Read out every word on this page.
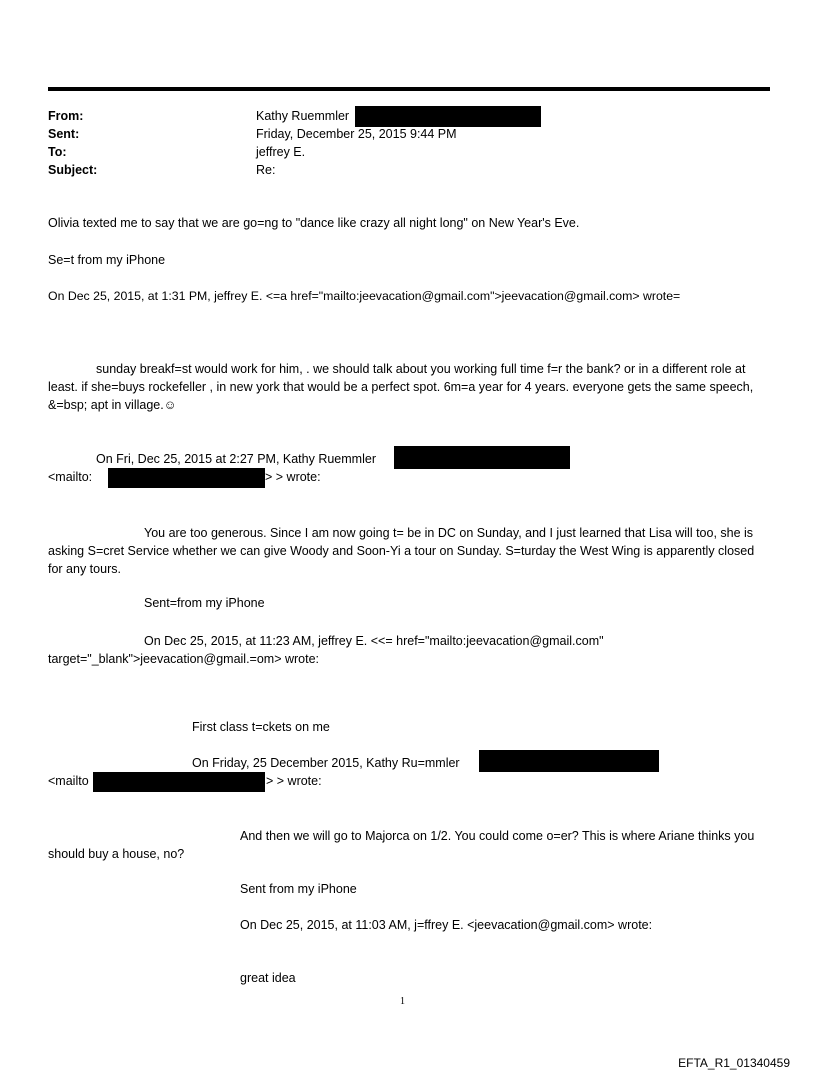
From:	Kathy Ruemmler
Sent:	Friday, December 25, 2015 9:44 PM
To:	jeffrey E.
Subject:	Re:
Olivia texted me to say that we are go=ng to "dance like crazy all night long" on New Year's Eve.
Se=t from my iPhone
On Dec 25, 2015, at 1:31 PM, jeffrey E. <=a href="mailto:jeevacation@gmail.com">jeevacation@gmail.com> wrote=
sunday breakf=st would work for him, . we should talk about you working full time f=r the bank? or in a different role at least. if she=buys rockefeller , in new york that would be a perfect spot. 6m=a year for 4 years. everyone gets the same speech, &=bsp; apt in village.☺
On Fri, Dec 25, 2015 at 2:27 PM, Kathy Ruemmler
<mailto:	> > wrote:
You are too generous. Since I am now going t= be in DC on Sunday, and I just learned that Lisa will too, she is asking S=cret Service whether we can give Woody and Soon-Yi a tour on Sunday. S=turday the West Wing is apparently closed for any tours.
Sent=from my iPhone
On Dec 25, 2015, at 11:23 AM, jeffrey E. <<= href="mailto:jeevacation@gmail.com" target="_blank">jeevacation@gmail.=om> wrote:
First class t=ckets on me
On Friday, 25 December 2015, Kathy Ru=mmler
<mailto	> > wrote:
And then we will go to Majorca on 1/2. You could come o=er? This is where Ariane thinks you should buy a house, no?
Sent from my iPhone
On Dec 25, 2015, at 11:03 AM, j=ffrey E. <jeevacation@gmail.com> wrote:
great idea
1
EFTA_R1_01340459
